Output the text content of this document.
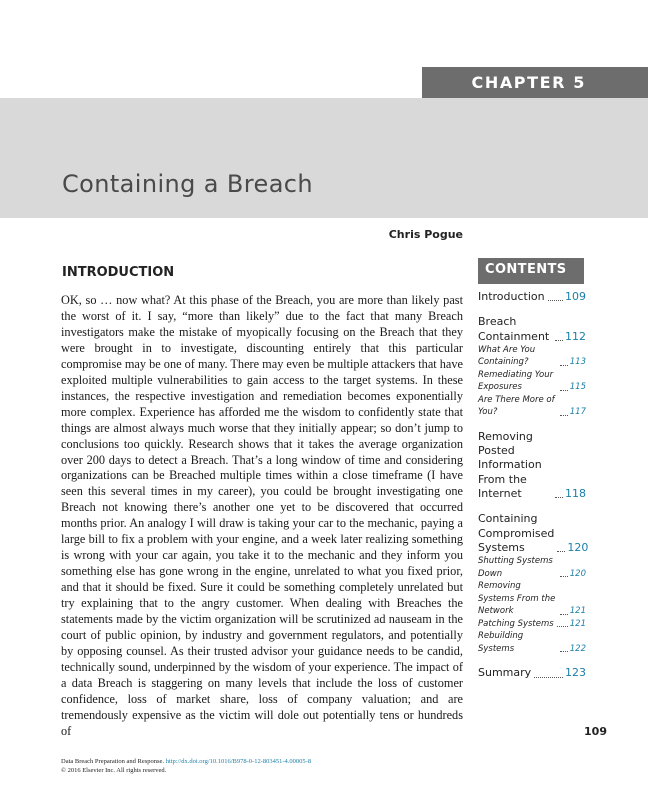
CHAPTER 5
Containing a Breach
Chris Pogue
INTRODUCTION
OK, so … now what? At this phase of the Breach, you are more than likely past the worst of it. I say, “more than likely” due to the fact that many Breach investigators make the mistake of myopically focusing on the Breach that they were brought in to investigate, discounting entirely that this particular compromise may be one of many. There may even be multiple attackers that have exploited multiple vulnerabilities to gain access to the target systems. In these instances, the respective investigation and remediation becomes exponentially more complex. Experience has afforded me the wisdom to confidently state that things are almost always much worse that they initially appear; so don’t jump to conclusions too quickly. Research shows that it takes the average organization over 200 days to detect a Breach. That’s a long window of time and considering organizations can be Breached multiple times within a close timeframe (I have seen this several times in my career), you could be brought investigating one Breach not knowing there’s another one yet to be discovered that occurred months prior. An analogy I will draw is taking your car to the mechanic, paying a large bill to fix a problem with your engine, and a week later realizing something is wrong with your car again, you take it to the mechanic and they inform you something else has gone wrong in the engine, unrelated to what you fixed prior, and that it should be fixed. Sure it could be something completely unrelated but try explaining that to the angry customer. When dealing with Breaches the statements made by the victim organization will be scrutinized ad nauseam in the court of public opinion, by industry and government regulators, and potentially by opposing counsel. As their trusted advisor your guidance needs to be candid, technically sound, underpinned by the wisdom of your experience. The impact of a data Breach is staggering on many levels that include the loss of customer confidence, loss of market share, loss of company valuation; and are tremendously expensive as the victim will dole out potentially tens or hundreds of
CONTENTS
Introduction 109
Breach Containment 112
What Are You Containing?	113
Remediating Your Exposures	115
Are There More of You?	117
Removing Posted Information From the Internet	118
Containing Compromised Systems	120
Shutting Systems Down	120
Removing Systems From the Network	121
Patching Systems 121
Rebuilding Systems	122
Summary	123
109
Data Breach Preparation and Response. http://dx.doi.org/10.1016/B978-0-12-803451-4.00005-8
© 2016 Elsevier Inc. All rights reserved.
